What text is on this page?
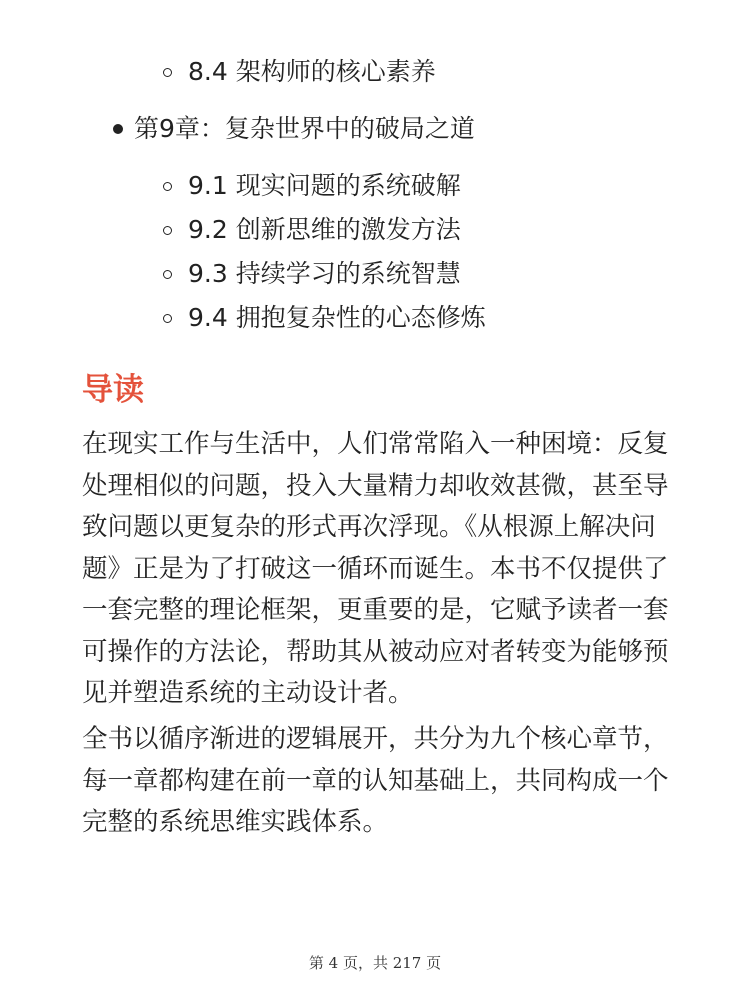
8.4 架构师的核心素养
第9章：复杂世界中的破局之道
9.1 现实问题的系统破解
9.2 创新思维的激发方法
9.3 持续学习的系统智慧
9.4 拥抱复杂性的心态修炼
导读

在现实工作与生活中，人们常常陷入一种困境：反复处理相似的问题，投入大量精力却收效甚微，甚至导致问题以更复杂的形式再次浮现。《从根源上解决问题》正是为了打破这一循环而诞生。本书不仅提供了一套完整的理论框架，更重要的是，它赋予读者一套可操作的方法论，帮助其从被动应对者转变为能够预见并塑造系统的主动设计者。

全书以循序渐进的逻辑展开，共分为九个核心章节，每一章都构建在前一章的认知基础上，共同构成一个完整的系统思维实践体系。

第 4 页，共 217 页
